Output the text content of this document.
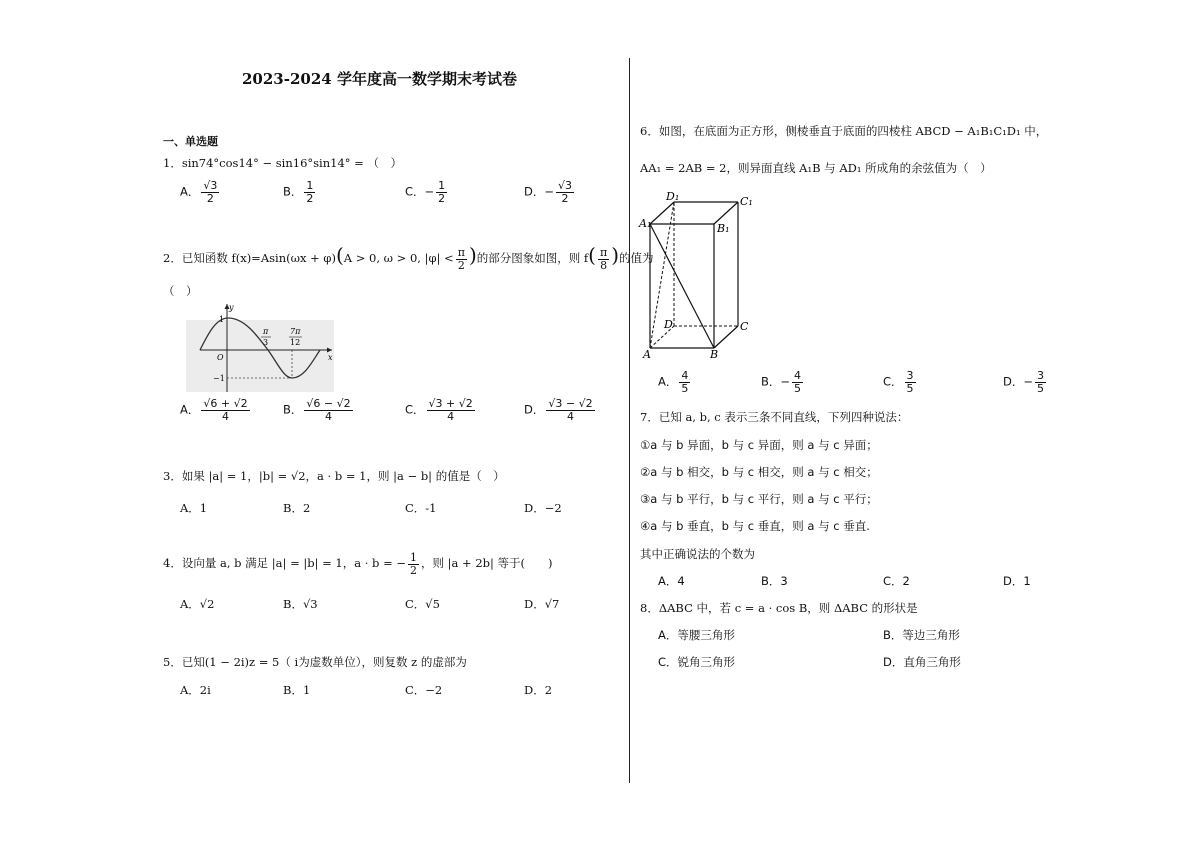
2023-2024 学年度高一数学期末考试卷
一、单选题
1．sin74°cos14° − sin16°sin14° = （　）
A． $\frac{√3}{2}$	B． $\frac{1}{2}$	C．− $\frac{1}{2}$	D．− $\frac{√3}{2}$
2．已知函数 f(x)=Asin(ωx + φ)(A > 0, ω > 0, $|\varphi| < \frac{\pi}{2}$ )的部分图象如图，则 $f( \frac{\pi}{8}$ )的值为
（　）
y
1
O
−1
x
π
3
7π
12
A． $\frac{√6 + √2}{4}$	B． $\frac{√6 - √2}{4}$	C． $\frac{√3 + √2}{4}$	D． $\frac{√3 - √2}{4}$
3．如果 |a| = 1，|b| = √2，a · b = 1，则 |a − b| 的值是（　）
A．1	B．2	C．-1	D．−2
4．设向量 a, b 满足 |a| = |b| = 1，a · b = − $\frac{1}{2}$ ，则 |a + 2b| 等于(　　)
A．√2	B．√3	C．√5	D．√7
5．已知(1 − 2i)z = 5（ i为虚数单位），则复数 z 的虚部为
A．2i	B．1	C．−2	D．2
6．如图，在底面为正方形，侧棱垂直于底面的四棱柱 ABCD − A₁B₁C₁D₁ 中，
AA₁ = 2AB = 2，则异面直线 A₁B 与 AD₁ 所成角的余弦值为（　）
D₁	C₁
A₁	B₁
D	C
A	B
A． $\frac{4}{5}$	B．− $\frac{4}{5}$	C． $\frac{3}{5}$	D．− $\frac{3}{5}$
7．已知 a, b, c 表示三条不同直线，下列四种说法：
①a 与 b 异面，b 与 c 异面，则 a 与 c 异面；
②a 与 b 相交，b 与 c 相交，则 a 与 c 相交；
③a 与 b 平行，b 与 c 平行，则 a 与 c 平行；
④a 与 b 垂直，b 与 c 垂直，则 a 与 c 垂直.
其中正确说法的个数为
A．4	B．3	C．2	D．1
8．ΔABC 中，若 c = a · cos B，则 ΔABC 的形状是
A．等腰三角形	B．等边三角形
C．锐角三角形	D．直角三角形
